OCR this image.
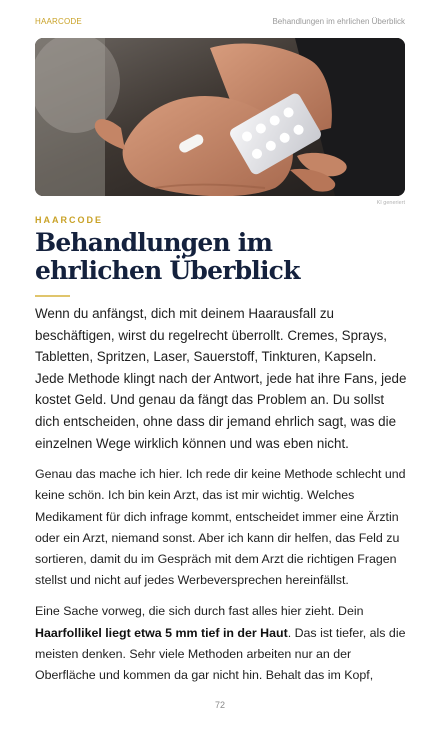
HAARCODE	Behandlungen im ehrlichen Überblick
KI generiert
HAARCODE
Behandlungen im ehrlichen Überblick

Wenn du anfängst, dich mit deinem Haarausfall zu beschäftigen, wirst du regelrecht überrollt. Cremes, Sprays, Tabletten, Spritzen, Laser, Sauerstoff, Tinkturen, Kapseln. Jede Methode klingt nach der Antwort, jede hat ihre Fans, jede kostet Geld. Und genau da fängt das Problem an. Du sollst dich entscheiden, ohne dass dir jemand ehrlich sagt, was die einzelnen Wege wirklich können und was eben nicht.

Genau das mache ich hier. Ich rede dir keine Methode schlecht und keine schön. Ich bin kein Arzt, das ist mir wichtig. Welches Medikament für dich infrage kommt, entscheidet immer eine Ärztin oder ein Arzt, niemand sonst. Aber ich kann dir helfen, das Feld zu sortieren, damit du im Gespräch mit dem Arzt die richtigen Fragen stellst und nicht auf jedes Werbeversprechen hereinfällst.

Eine Sache vorweg, die sich durch fast alles hier zieht. Dein Haarfollikel liegt etwa 5 mm tief in der Haut. Das ist tiefer, als die meisten denken. Sehr viele Methoden arbeiten nur an der Oberfläche und kommen da gar nicht hin. Behalt das im Kopf,

72
